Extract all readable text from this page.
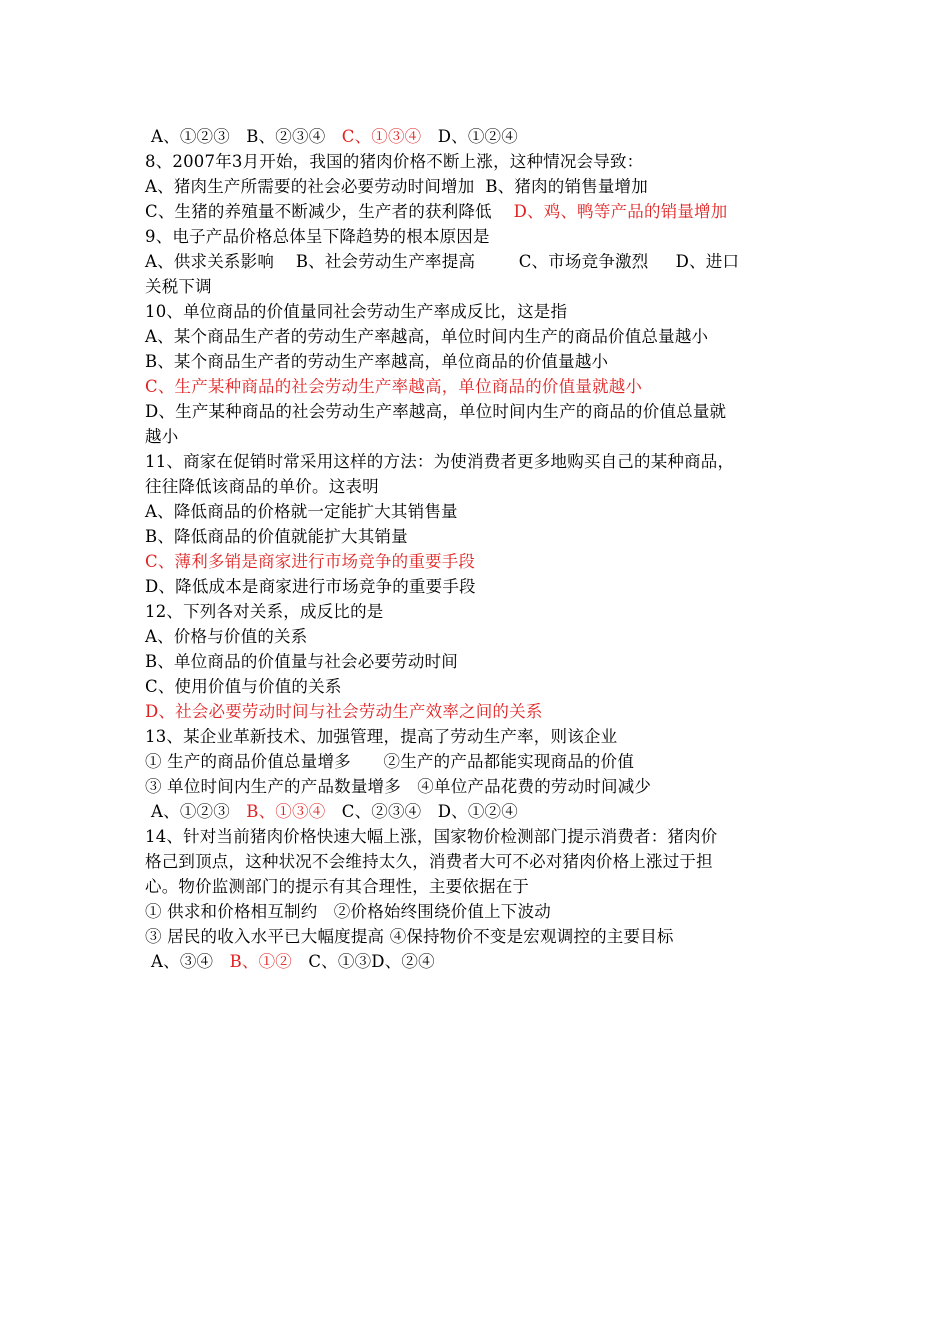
A、①②③ B、②③④ C、①③④ D、①②④
8、2007年3月开始，我国的猪肉价格不断上涨，这种情况会导致：
A、猪肉生产所需要的社会必要劳动时间增加 B、猪肉的销售量增加
C、生猪的养殖量不断减少，生产者的获利降低 D、鸡、鸭等产品的销量增加
9、电子产品价格总体呈下降趋势的根本原因是
A、供求关系影响 B、社会劳动生产率提高	C、市场竞争激烈 D、进口
关税下调
10、单位商品的价值量同社会劳动生产率成反比，这是指
A、某个商品生产者的劳动生产率越高，单位时间内生产的商品价值总量越小
B、某个商品生产者的劳动生产率越高，单位商品的价值量越小
C、生产某种商品的社会劳动生产率越高，单位商品的价值量就越小
D、生产某种商品的社会劳动生产率越高，单位时间内生产的商品的价值总量就
越小
11、商家在促销时常采用这样的方法：为使消费者更多地购买自己的某种商品，
往往降低该商品的单价。这表明
A、降低商品的价格就一定能扩大其销售量
B、降低商品的价值就能扩大其销量
C、薄利多销是商家进行市场竞争的重要手段
D、降低成本是商家进行市场竞争的重要手段
12、下列各对关系，成反比的是
A、价格与价值的关系
B、单位商品的价值量与社会必要劳动时间
C、使用价值与价值的关系
D、社会必要劳动时间与社会劳动生产效率之间的关系
13、某企业革新技术、加强管理，提高了劳动生产率，则该企业
① 生产的商品价值总量增多 ②生产的产品都能实现商品的价值
③ 单位时间内生产的产品数量增多 ④单位产品花费的劳动时间减少
A、①②③ B、①③④ C、②③④ D、①②④
14、针对当前猪肉价格快速大幅上涨，国家物价检测部门提示消费者：猪肉价
格己到顶点，这种状况不会维持太久，消费者大可不必对猪肉价格上涨过于担
心。物价监测部门的提示有其合理性，主要依据在于
① 供求和价格相互制约 ②价格始终围绕价值上下波动
③ 居民的收入水平已大幅度提高 ④保持物价不变是宏观调控的主要目标
A、③④ B、①② C、①③D、②④
